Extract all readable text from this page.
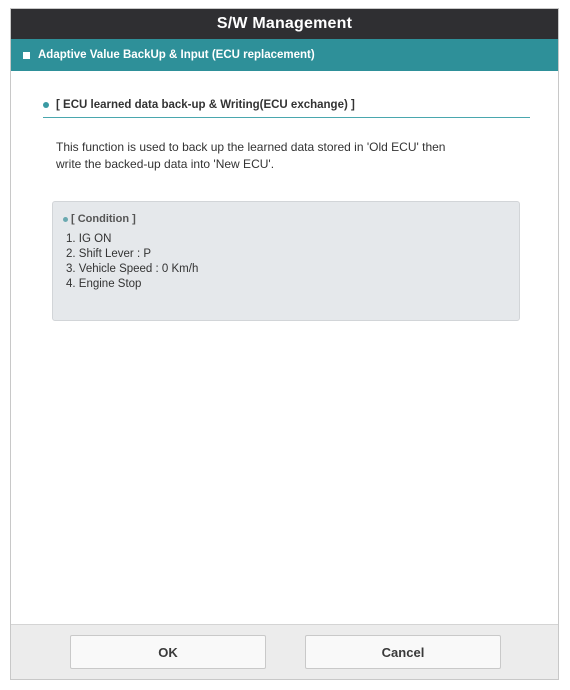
S/W Management
Adaptive Value BackUp & Input (ECU replacement)
[ ECU learned data back-up & Writing(ECU exchange) ]

This function is used to back up the learned data stored in 'Old ECU' then

write the backed-up data into 'New ECU'.

[ Condition ]
1. IG ON
2. Shift Lever : P
3. Vehicle Speed : 0 Km/h
4. Engine Stop
OK	Cancel
